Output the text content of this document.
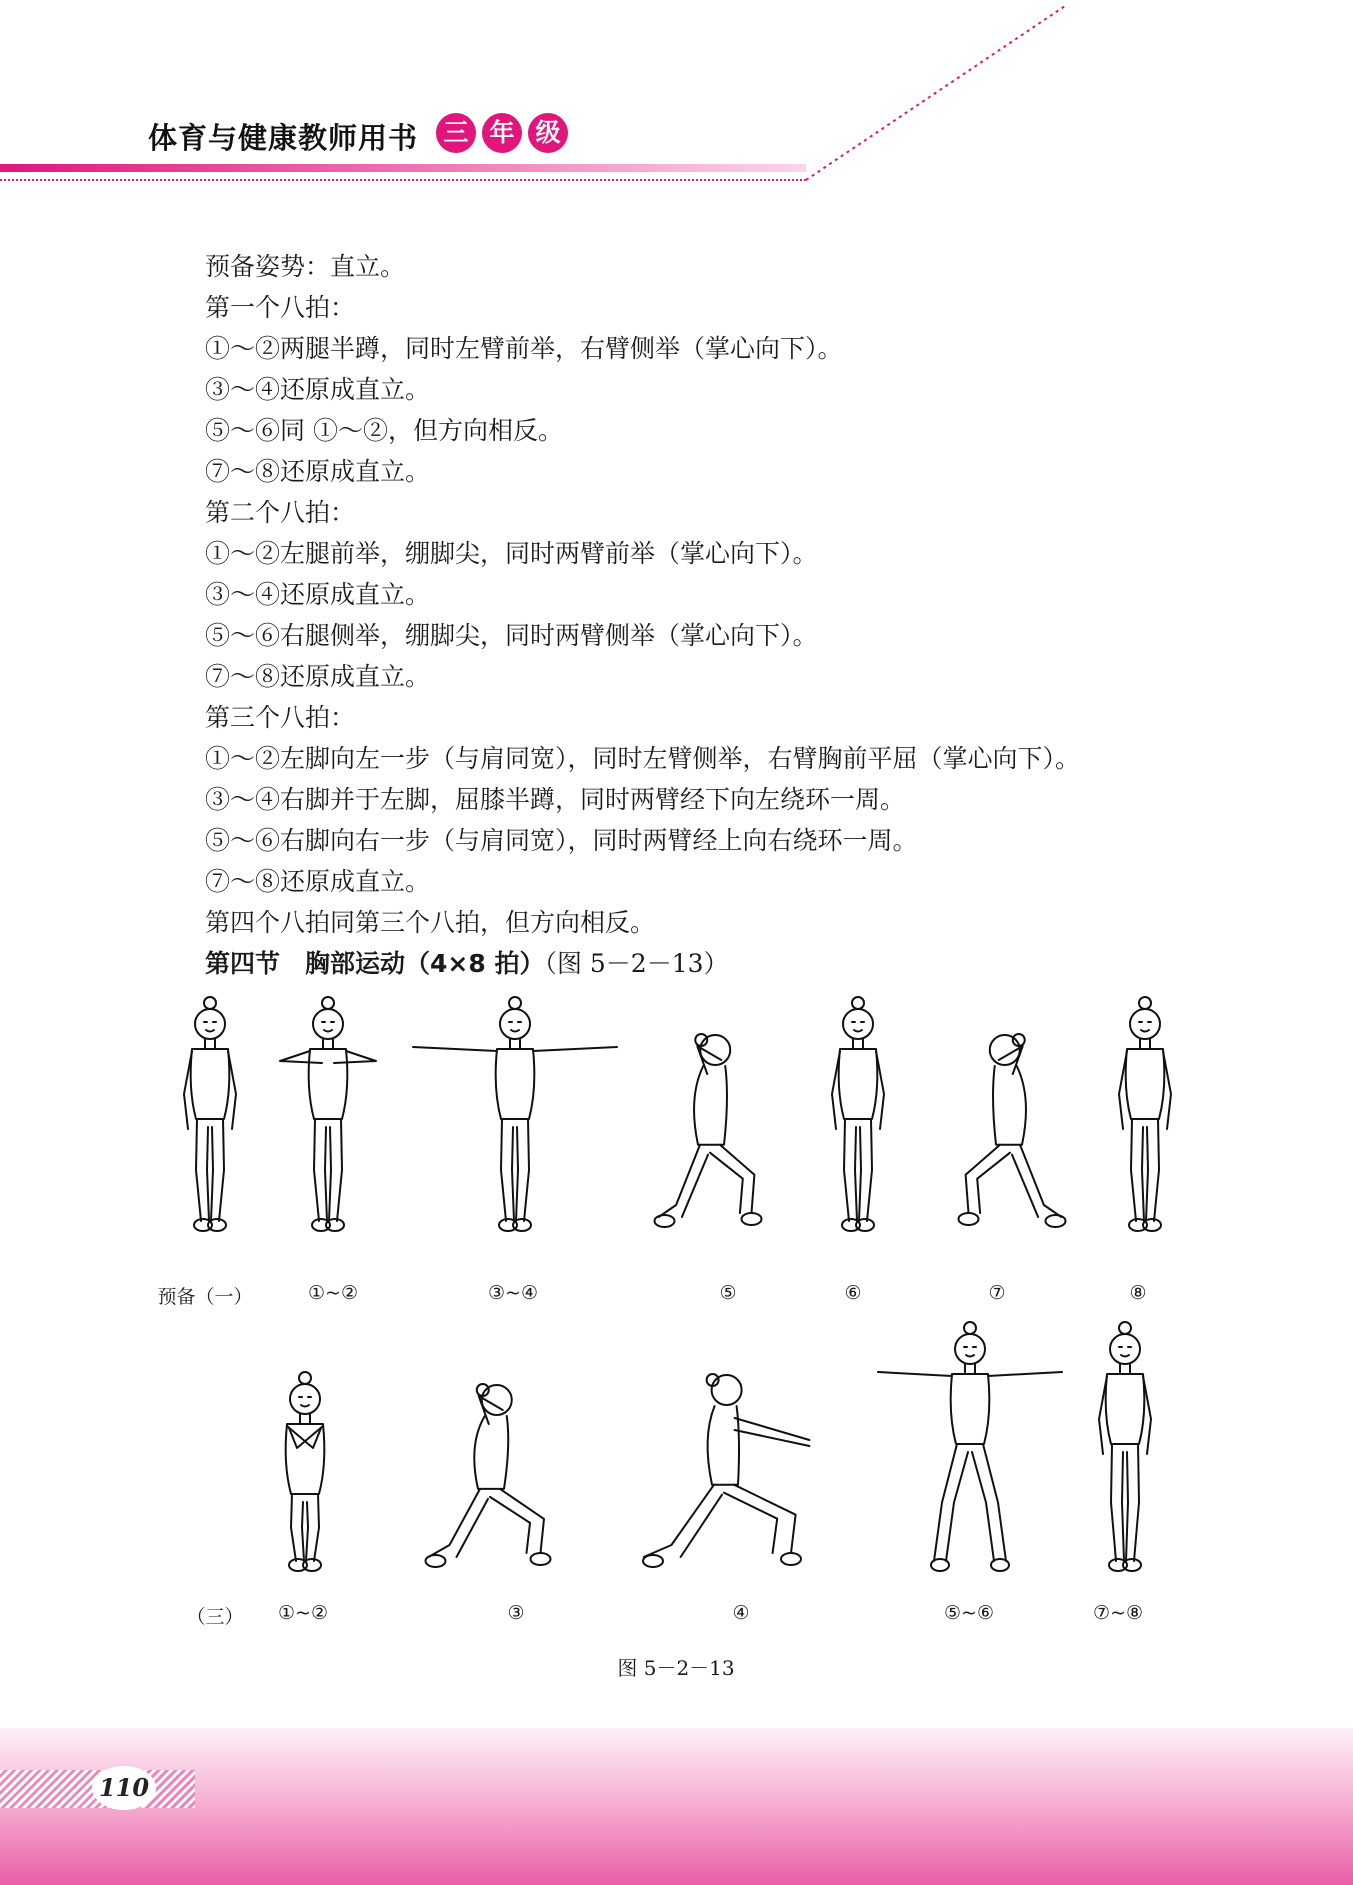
体育与健康教师用书 三 年 级
预备姿势：直立。
第一个八拍：
①～②两腿半蹲，同时左臂前举，右臂侧举（掌心向下）。
③～④还原成直立。
⑤～⑥同 ①～②，但方向相反。
⑦～⑧还原成直立。
第二个八拍：
①～②左腿前举，绷脚尖，同时两臂前举（掌心向下）。
③～④还原成直立。
⑤～⑥右腿侧举，绷脚尖，同时两臂侧举（掌心向下）。
⑦～⑧还原成直立。
第三个八拍：
①～②左脚向左一步（与肩同宽），同时左臂侧举，右臂胸前平屈（掌心向下）。
③～④右脚并于左脚，屈膝半蹲，同时两臂经下向左绕环一周。
⑤～⑥右脚向右一步（与肩同宽），同时两臂经上向右绕环一周。
⑦～⑧还原成直立。
第四个八拍同第三个八拍，但方向相反。
第四节　胸部运动（4×8 拍）（图 5－2－13）
预备（一）	①~②	③~④	⑤	⑥	⑦	⑧
（三） ①~②	③	④	⑤~⑥	⑦~⑧
图 5－2－13
110
